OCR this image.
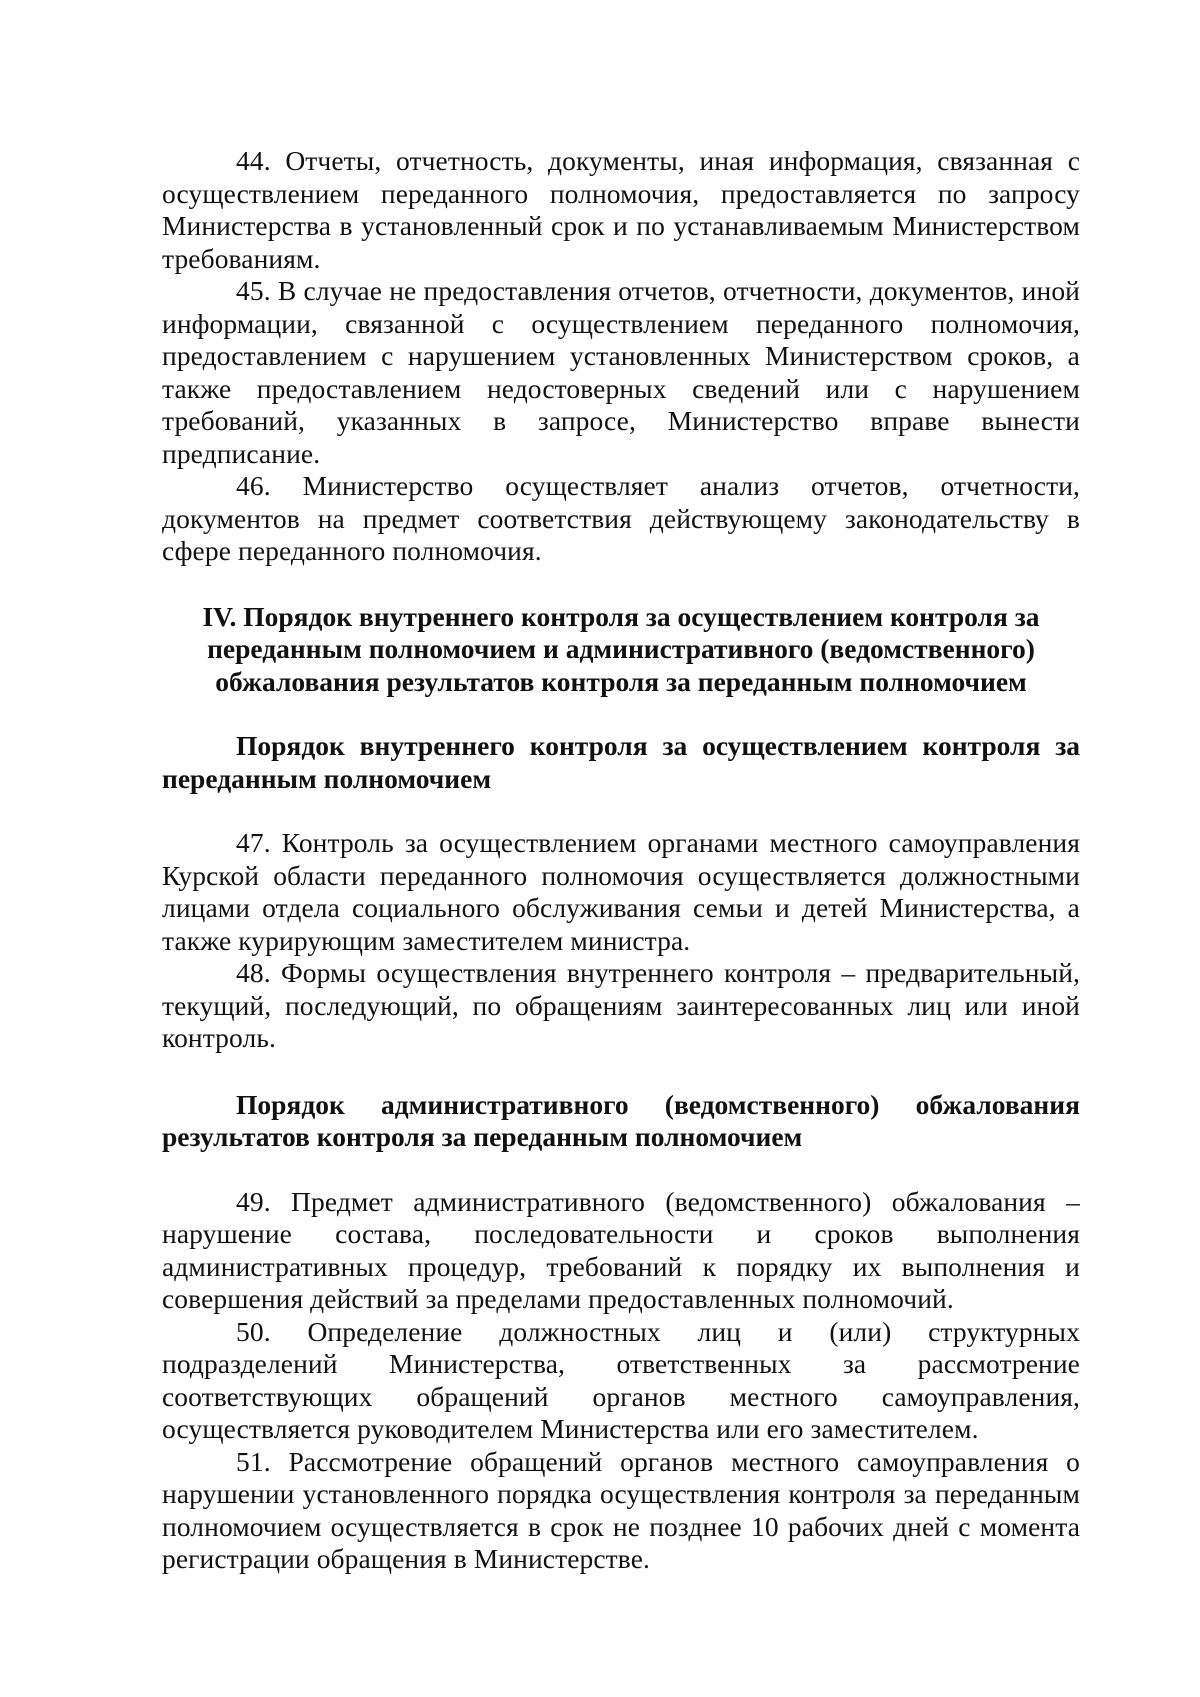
44. Отчеты, отчетность, документы, иная информация, связанная с осуществлением переданного полномочия, предоставляется по запросу Министерства в установленный срок и по устанавливаемым Министерством требованиям.

45. В случае не предоставления отчетов, отчетности, документов, иной информации, связанной с осуществлением переданного полномочия, предоставлением с нарушением установленных Министерством сроков, а также предоставлением недостоверных сведений или с нарушением требований, указанных в запросе, Министерство вправе вынести предписание.

46. Министерство осуществляет анализ отчетов, отчетности, документов на предмет соответствия действующему законодательству в сфере переданного полномочия.

IV. Порядок внутреннего контроля за осуществлением контроля за переданным полномочием и административного (ведомственного) обжалования результатов контроля за переданным полномочием

Порядок внутреннего контроля за осуществлением контроля за переданным полномочием

47. Контроль за осуществлением органами местного самоуправления Курской области переданного полномочия осуществляется должностными лицами отдела социального обслуживания семьи и детей Министерства, а также курирующим заместителем министра.

48. Формы осуществления внутреннего контроля – предварительный, текущий, последующий, по обращениям заинтересованных лиц или иной контроль.

Порядок административного (ведомственного) обжалования результатов контроля за переданным полномочием

49. Предмет административного (ведомственного) обжалования – нарушение состава, последовательности и сроков выполнения административных процедур, требований к порядку их выполнения и совершения действий за пределами предоставленных полномочий.

50. Определение должностных лиц и (или) структурных подразделений Министерства, ответственных за рассмотрение соответствующих обращений органов местного самоуправления, осуществляется руководителем Министерства или его заместителем.

51. Рассмотрение обращений органов местного самоуправления о нарушении установленного порядка осуществления контроля за переданным полномочием осуществляется в срок не позднее 10 рабочих дней с момента регистрации обращения в Министерстве.
